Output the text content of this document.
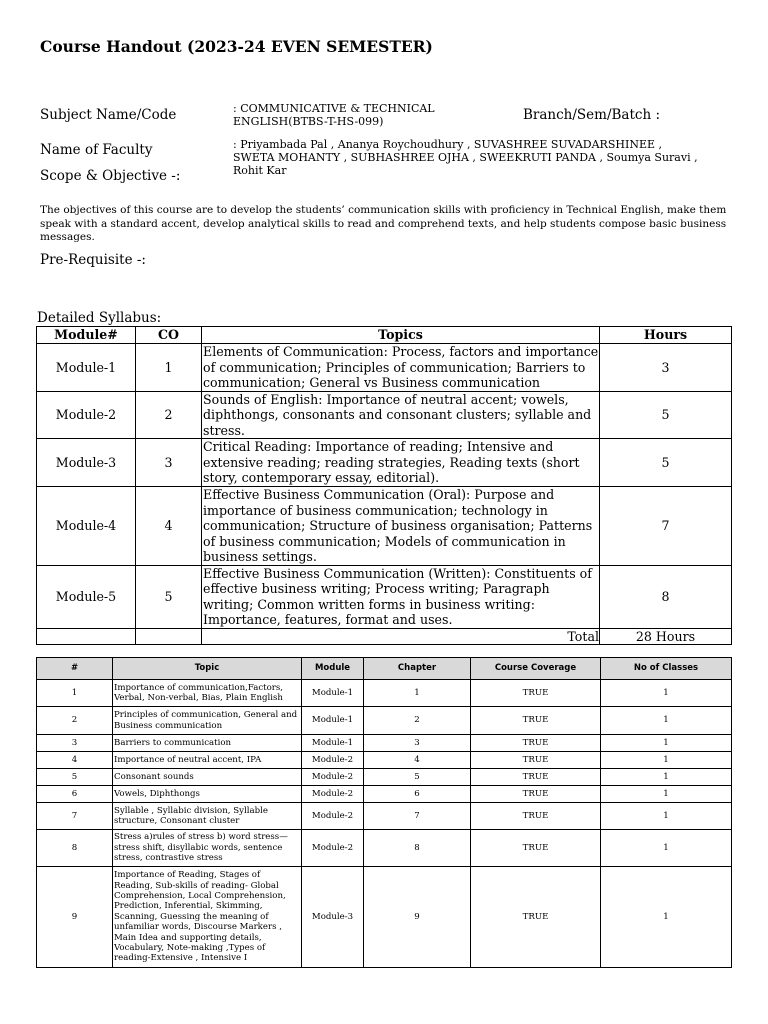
Course Handout (2023-24 EVEN SEMESTER)
Subject Name/Code	: COMMUNICATIVE & TECHNICAL ENGLISH(BTBS-T-HS-099)	Branch/Sem/Batch :
Name of Faculty	: Priyambada Pal , Ananya Roychoudhury , SUVASHREE SUVADARSHINEE , SWETA MOHANTY , SUBHASHREE OJHA , SWEEKRUTI PANDA , Soumya Suravi , Rohit Kar
Scope & Objective -:
The objectives of this course are to develop the students’ communication skills with proficiency in Technical English, make them speak with a standard accent, develop analytical skills to read and comprehend texts, and help students compose basic business messages.
Pre-Requisite -:
Detailed Syllabus:
Module#	CO	Topics	Hours
Module-1	1	Elements of Communication: Process, factors and importance of communication; Principles of communication; Barriers to communication; General vs Business communication	3
Module-2	2	Sounds of English: Importance of neutral accent; vowels, diphthongs, consonants and consonant clusters; syllable and stress.	5
Module-3	3	Critical Reading: Importance of reading; Intensive and extensive reading; reading strategies, Reading texts (short story, contemporary essay, editorial).	5
Module-4	4	Effective Business Communication (Oral): Purpose and importance of business communication; technology in communication; Structure of business organisation; Patterns of business communication; Models of communication in business settings.	7
Module-5	5	Effective Business Communication (Written): Constituents of effective business writing; Process writing; Paragraph writing; Common written forms in business writing: Importance, features, format and uses.	8
		Total	28 Hours
#	Topic	Module	Chapter	Course Coverage	No of Classes
1	Importance of communication,Factors, Verbal, Non-verbal, Bias, Plain English	Module-1	1	TRUE	1
2	Principles of communication, General and Business communication	Module-1	2	TRUE	1
3	Barriers to communication	Module-1	3	TRUE	1
4	Importance of neutral accent, IPA	Module-2	4	TRUE	1
5	Consonant sounds	Module-2	5	TRUE	1
6	Vowels, Diphthongs	Module-2	6	TRUE	1
7	Syllable , Syllabic division, Syllable structure, Consonant cluster	Module-2	7	TRUE	1
8	Stress a)rules of stress b) word stress—stress shift, disyllabic words, sentence stress, contrastive stress	Module-2	8	TRUE	1
9	Importance of Reading, Stages of Reading, Sub-skills of reading- Global Comprehension, Local Comprehension, Prediction, Inferential, Skimming, Scanning, Guessing the meaning of unfamiliar words, Discourse Markers , Main Idea and supporting details, Vocabulary, Note-making ,Types of reading-Extensive , Intensive I	Module-3	9	TRUE	1
